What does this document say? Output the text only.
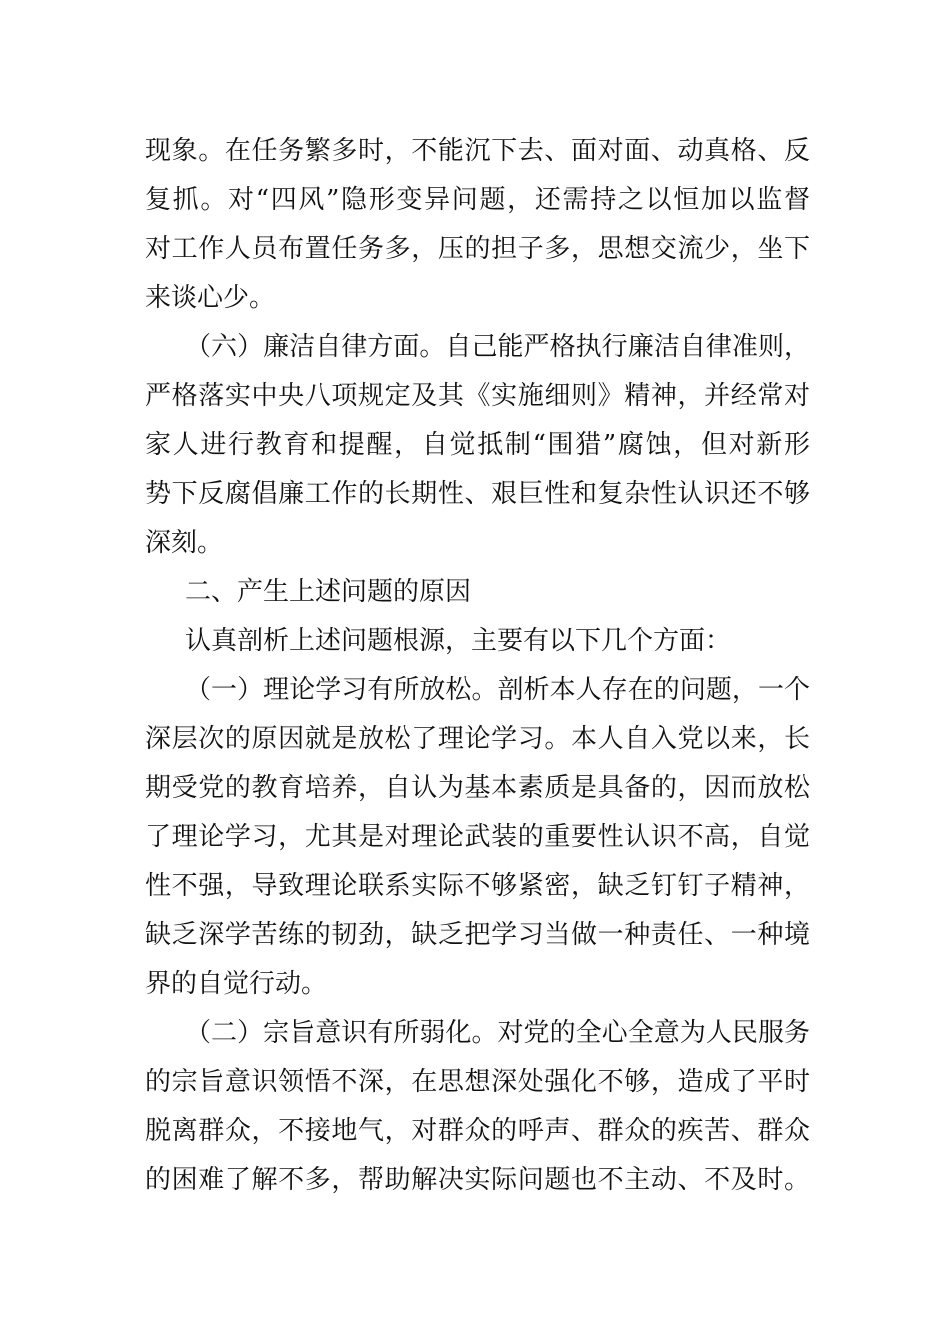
现象。在任务繁多时，不能沉下去、面对面、动真格、反
复抓。对“四风”隐形变异问题，还需持之以恒加以监督
对工作人员布置任务多，压的担子多，思想交流少，坐下
来谈心少。
（六）廉洁自律方面。自己能严格执行廉洁自律准则，
严格落实中央八项规定及其《实施细则》精神，并经常对
家人进行教育和提醒，自觉抵制“围猎”腐蚀，但对新形
势下反腐倡廉工作的长期性、艰巨性和复杂性认识还不够
深刻。
二、产生上述问题的原因
认真剖析上述问题根源，主要有以下几个方面：
（一）理论学习有所放松。剖析本人存在的问题，一个
深层次的原因就是放松了理论学习。本人自入党以来，长
期受党的教育培养，自认为基本素质是具备的，因而放松
了理论学习，尤其是对理论武装的重要性认识不高，自觉
性不强，导致理论联系实际不够紧密，缺乏钉钉子精神，
缺乏深学苦练的韧劲，缺乏把学习当做一种责任、一种境
界的自觉行动。
（二）宗旨意识有所弱化。对党的全心全意为人民服务
的宗旨意识领悟不深，在思想深处强化不够，造成了平时
脱离群众，不接地气，对群众的呼声、群众的疾苦、群众
的困难了解不多，帮助解决实际问题也不主动、不及时。
